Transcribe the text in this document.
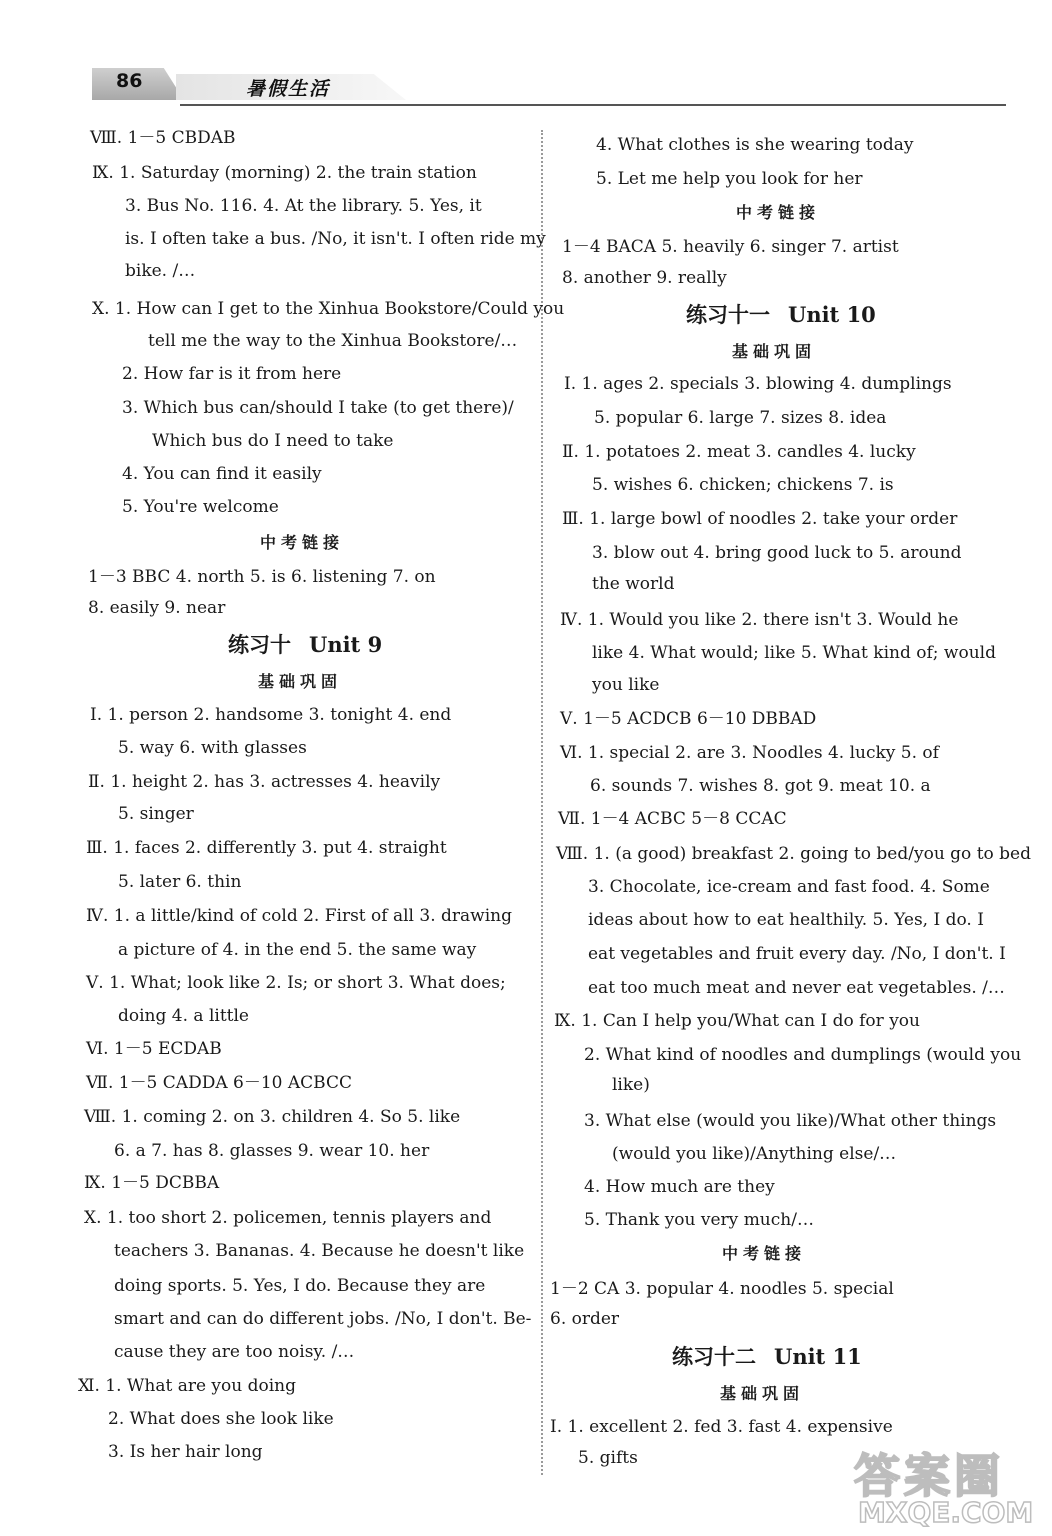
86	暑假生活
Ⅷ. 1－5 CBDAB
Ⅸ. 1. Saturday (morning) 2. the train station
3. Bus No. 116. 4. At the library. 5. Yes, it
is. I often take a bus. /No, it isn't. I often ride my
bike. /…
Ⅹ. 1. How can I get to the Xinhua Bookstore/Could you
tell me the way to the Xinhua Bookstore/…
2. How far is it from here
3. Which bus can/should I take (to get there)/
Which bus do I need to take
4. You can find it easily
5. You're welcome
中考链接
1－3 BBC 4. north 5. is 6. listening 7. on
8. easily 9. near
练习十 Unit 9
基础巩固
Ⅰ. 1. person 2. handsome 3. tonight 4. end
5. way 6. with glasses
Ⅱ. 1. height 2. has 3. actresses 4. heavily
5. singer
Ⅲ. 1. faces 2. differently 3. put 4. straight
5. later 6. thin
Ⅳ. 1. a little/kind of cold 2. First of all 3. drawing
a picture of 4. in the end 5. the same way
Ⅴ. 1. What; look like 2. Is; or short 3. What does;
doing 4. a little
Ⅵ. 1－5 ECDAB
Ⅶ. 1－5 CADDA 6－10 ACBCC
Ⅷ. 1. coming 2. on 3. children 4. So 5. like
6. a 7. has 8. glasses 9. wear 10. her
Ⅸ. 1－5 DCBBA
Ⅹ. 1. too short 2. policemen, tennis players and
teachers 3. Bananas. 4. Because he doesn't like
doing sports. 5. Yes, I do. Because they are
smart and can do different jobs. /No, I don't. Be-
cause they are too noisy. /…
Ⅺ. 1. What are you doing
2. What does she look like
3. Is her hair long
4. What clothes is she wearing today
5. Let me help you look for her
中考链接
1－4 BACA 5. heavily 6. singer 7. artist
8. another 9. really
练习十一 Unit 10
基础巩固
Ⅰ. 1. ages 2. specials 3. blowing 4. dumplings
5. popular 6. large 7. sizes 8. idea
Ⅱ. 1. potatoes 2. meat 3. candles 4. lucky
5. wishes 6. chicken; chickens 7. is
Ⅲ. 1. large bowl of noodles 2. take your order
3. blow out 4. bring good luck to 5. around
the world
Ⅳ. 1. Would you like 2. there isn't 3. Would he
like 4. What would; like 5. What kind of; would
you like
Ⅴ. 1－5 ACDCB 6－10 DBBAD
Ⅵ. 1. special 2. are 3. Noodles 4. lucky 5. of
6. sounds 7. wishes 8. got 9. meat 10. a
Ⅶ. 1－4 ACBC 5－8 CCAC
Ⅷ. 1. (a good) breakfast 2. going to bed/you go to bed
3. Chocolate, ice-cream and fast food. 4. Some
ideas about how to eat healthily. 5. Yes, I do. I
eat vegetables and fruit every day. /No, I don't. I
eat too much meat and never eat vegetables. /…
Ⅸ. 1. Can I help you/What can I do for you
2. What kind of noodles and dumplings (would you
like)
3. What else (would you like)/What other things
(would you like)/Anything else/…
4. How much are they
5. Thank you very much/…
中考链接
1－2 CA 3. popular 4. noodles 5. special
6. order
练习十二 Unit 11
基础巩固
Ⅰ. 1. excellent 2. fed 3. fast 4. expensive
5. gifts	答案圈
MXQE.COM
